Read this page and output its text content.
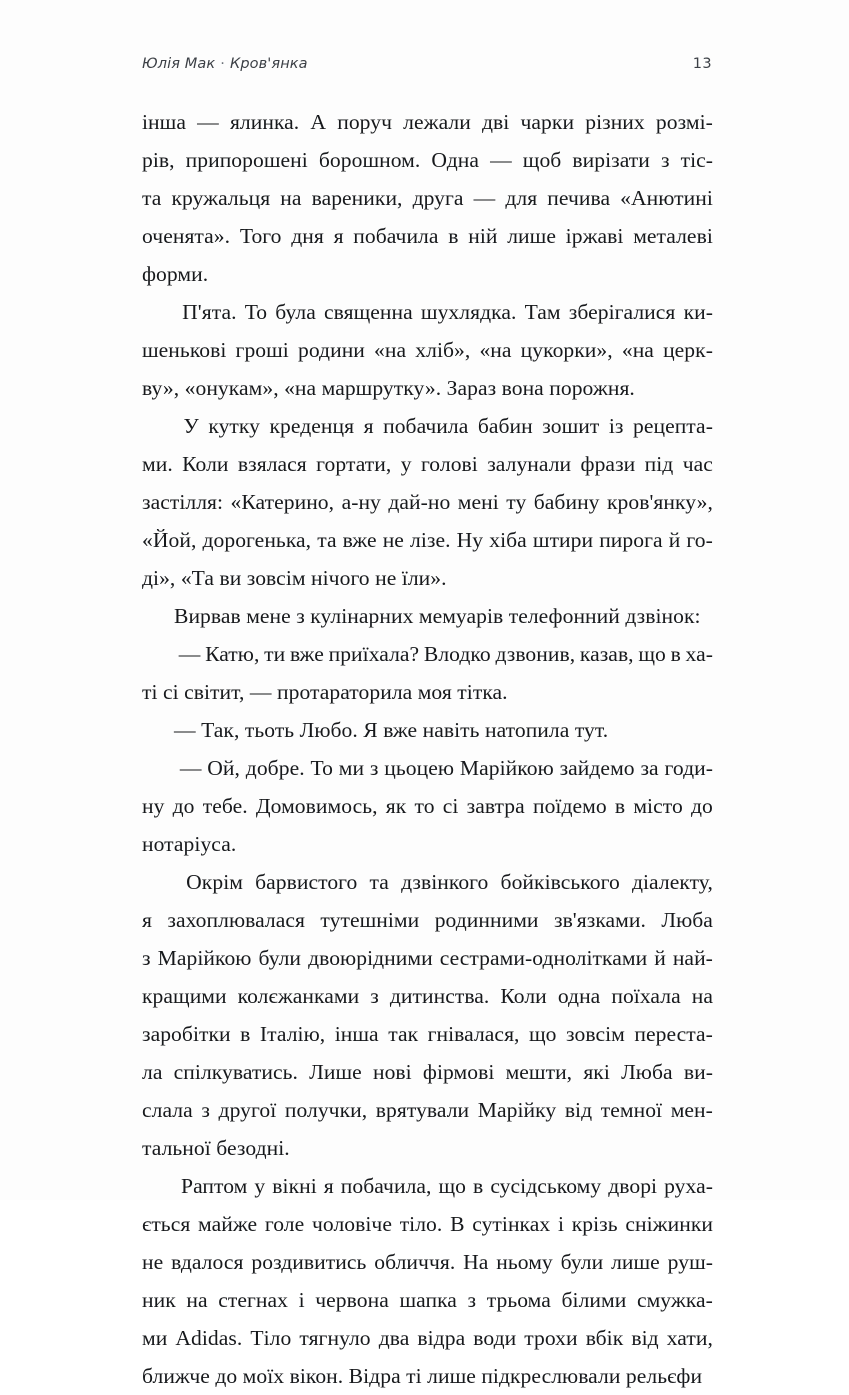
Юлія Мак · Кров'янка	13

інша — ялинка. А поруч лежали дві чарки різних розмі-
рів, припорошені борошном. Одна — щоб вирізати з тіс-
та кружальця на вареники, друга — для печива «Анютині
оченята». Того дня я побачила в ній лише іржаві металеві
форми.

П'ята. То була священна шухлядка. Там зберігалися ки-
шенькові гроші родини «на хліб», «на цукорки», «на церк-
ву», «онукам», «на маршрутку». Зараз вона порожня.

У кутку креденця я побачила бабин зошит із рецепта-
ми. Коли взялася гортати, у голові залунали фрази під час
застілля: «Катерино, а-ну дай-но мені ту бабину кров'янку»,
«Йой, дорогенька, та вже не лізе. Ну хіба штири пирога й го-
ді», «Та ви зовсім нічого не їли».

Вирвав мене з кулінарних мемуарів телефонний дзвінок:

— Катю, ти вже приїхала? Влодко дзвонив, казав, що в ха-
ті сі світит, — протараторила моя тітка.

— Так, тьоть Любо. Я вже навіть натопила тут.

— Ой, добре. То ми з цьоцею Марійкою зайдемо за годи-
ну до тебе. Домовимось, як то сі завтра поїдемо в місто до
нотаріуса.

Окрім барвистого та дзвінкого бойківського діалекту,
я захоплювалася тутешніми родинними зв'язками. Люба
з Марійкою були двоюрідними сестрами-однолітками й най-
кращими колєжанками з дитинства. Коли одна поїхала на
заробітки в Італію, інша так гнівалася, що зовсім переста-
ла спілкуватись. Лише нові фірмові мешти, які Люба ви-
слала з другої получки, врятували Марійку від темної мен-
тальної безодні.

Раптом у вікні я побачила, що в сусідському дворі руха-
ється майже голе чоловіче тіло. В сутінках і крізь сніжинки
не вдалося роздивитись обличчя. На ньому були лише руш-
ник на стегнах і червона шапка з трьома білими смужка-
ми Adidas. Тіло тягнуло два відра води трохи вбік від хати,
ближче до моїх вікон. Відра ті лише підкреслювали рельєфи
